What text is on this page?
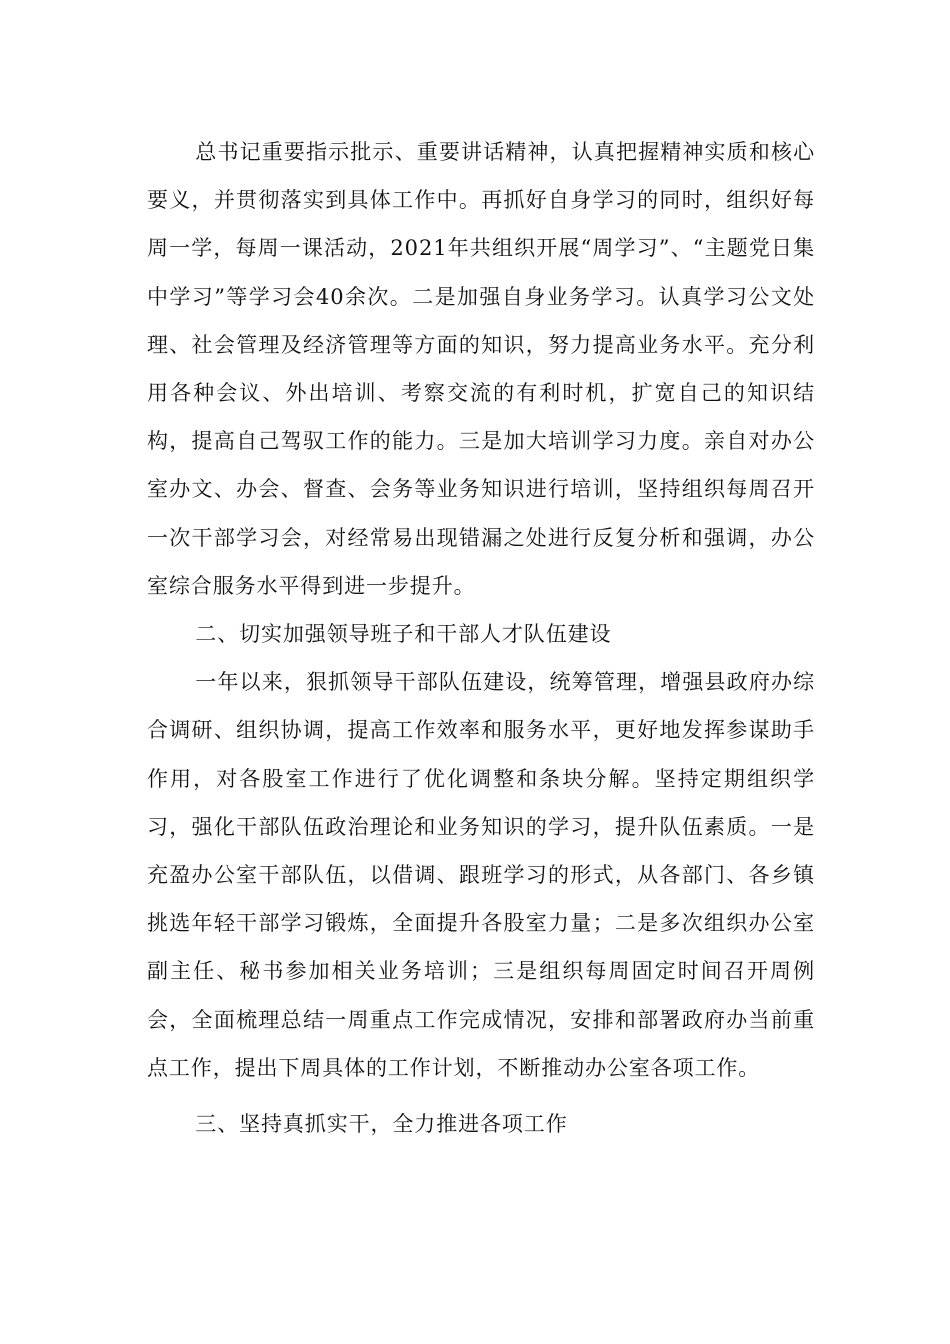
总书记重要指示批示、重要讲话精神，认真把握精神实质和核心要义，并贯彻落实到具体工作中。再抓好自身学习的同时，组织好每周一学，每周一课活动，2021年共组织开展“周学习”、“主题党日集中学习”等学习会40余次。二是加强自身业务学习。认真学习公文处理、社会管理及经济管理等方面的知识，努力提高业务水平。充分利用各种会议、外出培训、考察交流的有利时机，扩宽自己的知识结构，提高自己驾驭工作的能力。三是加大培训学习力度。亲自对办公室办文、办会、督查、会务等业务知识进行培训，坚持组织每周召开一次干部学习会，对经常易出现错漏之处进行反复分析和强调，办公室综合服务水平得到进一步提升。

二、切实加强领导班子和干部人才队伍建设

一年以来，狠抓领导干部队伍建设，统筹管理，增强县政府办综合调研、组织协调，提高工作效率和服务水平，更好地发挥参谋助手作用，对各股室工作进行了优化调整和条块分解。坚持定期组织学习，强化干部队伍政治理论和业务知识的学习，提升队伍素质。一是充盈办公室干部队伍，以借调、跟班学习的形式，从各部门、各乡镇挑选年轻干部学习锻炼，全面提升各股室力量；二是多次组织办公室副主任、秘书参加相关业务培训；三是组织每周固定时间召开周例会，全面梳理总结一周重点工作完成情况，安排和部署政府办当前重点工作，提出下周具体的工作计划，不断推动办公室各项工作。

三、坚持真抓实干，全力推进各项工作
